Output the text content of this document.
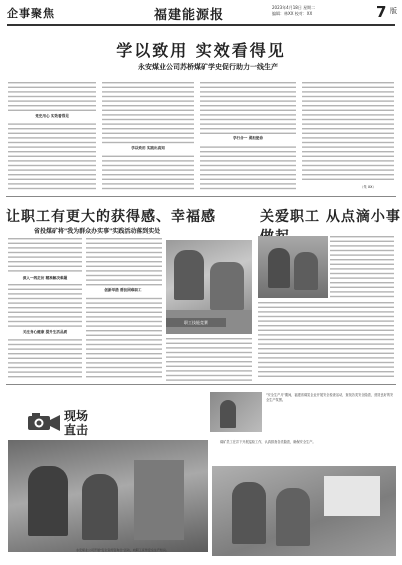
企事聚焦	福建能源报
2023年4月18日 星期二
编辑：林XX 校对：XX	7 版
学以致用 实效看得见
永安煤业公司苏桥煤矿学史促行助力一线生产

党史用心 实效看得见
学以致用 实践出真知
学行合一 勇担使命
（朱 XX）
让职工有更大的获得感、幸福感
省投煤矿将"我为群众办实事"实践活动落到实处
深入一线走访 精准解决难题
关注身心健康 提升生活品质
创新举措 帮扶困难职工
职工技能竞赛
关爱职工 从点滴小事
现场
直击
"安全生产月"期间，福建省煤炭企业开展安全检查活动，查找各类安全隐患，营造良好的安全生产氛围。
煤矿员工在井下开展巡检工作，认真排查各类隐患，确保安全生产。
永安煤业公司开展"安全宣传咨询日"活动，向职工宣传安全生产知识。
